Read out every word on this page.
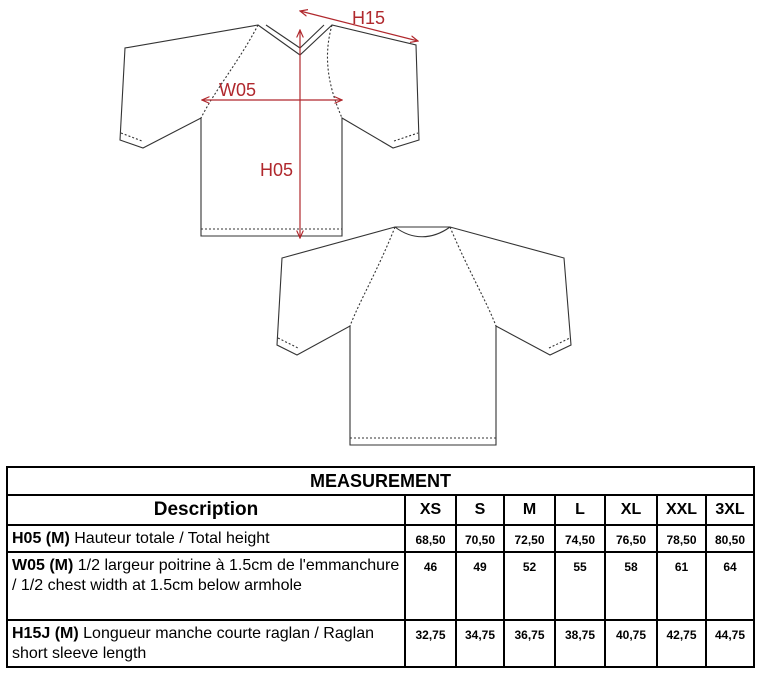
H15
W05
H05
MEASUREMENT							
Description	XS	S	M	L	XL	XXL	3XL
H05 (M) Hauteur totale / Total height	68,50	70,50	72,50	74,50	76,50	78,50	80,50
W05 (M) 1/2 largeur poitrine à 1.5cm de l'emmanchure / 1/2 chest width at 1.5cm below armhole	46	49	52	55	58	61	64
H15J (M) Longueur manche courte raglan / Raglan short sleeve length	32,75	34,75	36,75	38,75	40,75	42,75	44,75
